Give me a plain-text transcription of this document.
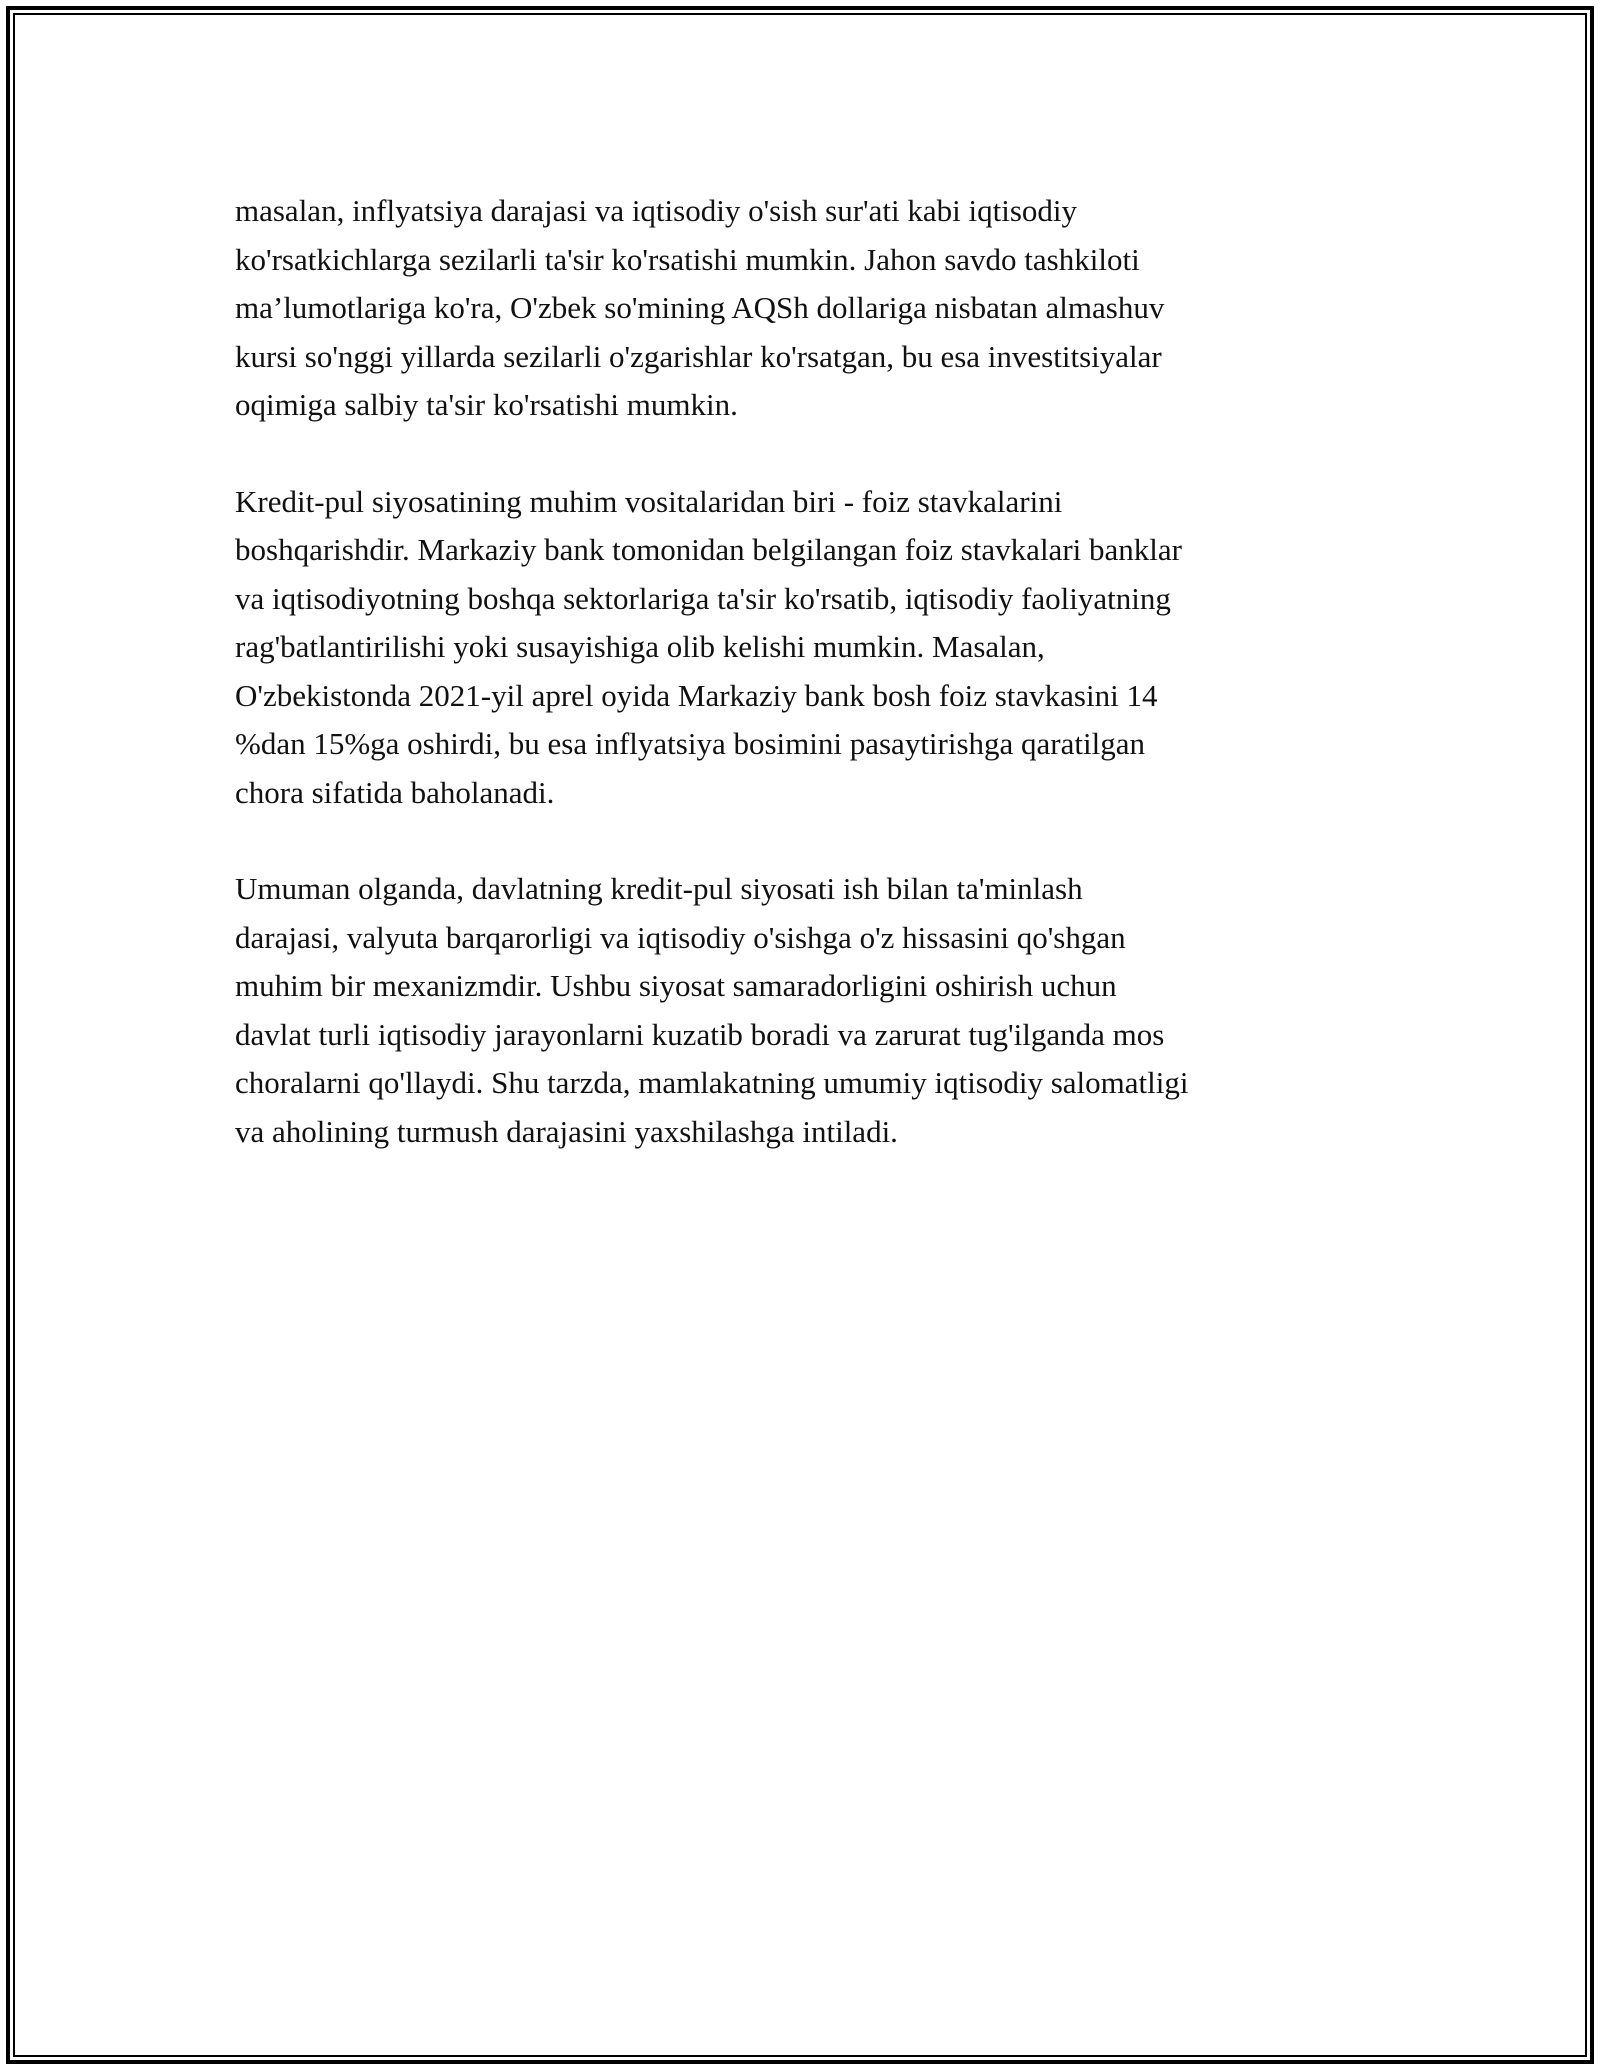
masalan, inflyatsiya darajasi va iqtisodiy o'sish sur'ati kabi iqtisodiy
ko'rsatkichlarga sezilarli ta'sir ko'rsatishi mumkin. Jahon savdo tashkiloti
ma’lumotlariga ko'ra, O'zbek so'mining AQSh dollariga nisbatan almashuv
kursi so'nggi yillarda sezilarli o'zgarishlar ko'rsatgan, bu esa investitsiyalar
oqimiga salbiy ta'sir ko'rsatishi mumkin.

Kredit-pul siyosatining muhim vositalaridan biri - foiz stavkalarini
boshqarishdir. Markaziy bank tomonidan belgilangan foiz stavkalari banklar
va iqtisodiyotning boshqa sektorlariga ta'sir ko'rsatib, iqtisodiy faoliyatning
rag'batlantirilishi yoki susayishiga olib kelishi mumkin. Masalan,
O'zbekistonda 2021-yil aprel oyida Markaziy bank bosh foiz stavkasini 14
%dan 15%ga oshirdi, bu esa inflyatsiya bosimini pasaytirishga qaratilgan
chora sifatida baholanadi.

Umuman olganda, davlatning kredit-pul siyosati ish bilan ta'minlash
darajasi, valyuta barqarorligi va iqtisodiy o'sishga o'z hissasini qo'shgan
muhim bir mexanizmdir. Ushbu siyosat samaradorligini oshirish uchun
davlat turli iqtisodiy jarayonlarni kuzatib boradi va zarurat tug'ilganda mos
choralarni qo'llaydi. Shu tarzda, mamlakatning umumiy iqtisodiy salomatligi
va aholining turmush darajasini yaxshilashga intiladi.
